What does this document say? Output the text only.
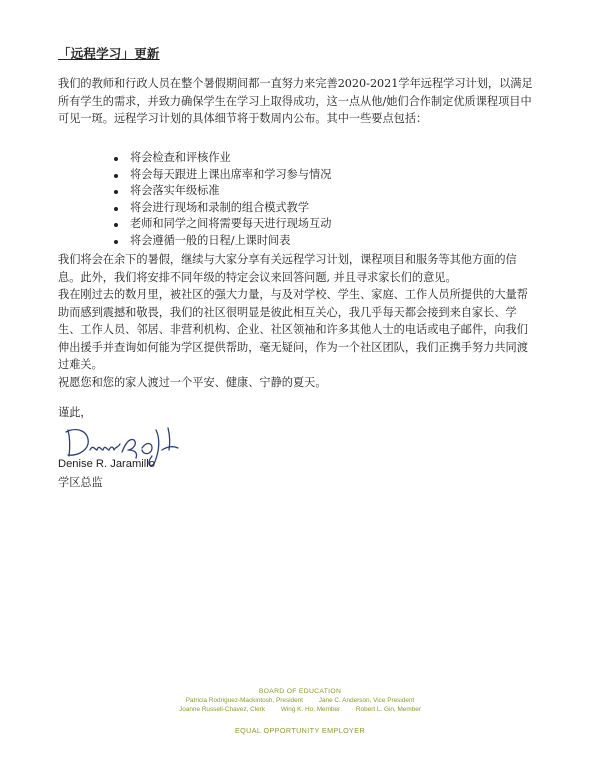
「远程学习」更新

我们的教师和行政人员在整个暑假期间都一直努力来完善2020-2021学年远程学习计划，以满足所有学生的需求，并致力确保学生在学习上取得成功，这一点从他/她们合作制定优质课程项目中可见一斑。远程学习计划的具体细节将于数周内公布。其中一些要点包括：

将会检查和评核作业
将会每天跟进上课出席率和学习参与情况
将会落实年级标准
将会进行现场和录制的组合模式教学
老师和同学之间将需要每天进行现场互动
将会遵循一般的日程/上课时间表

我们将会在余下的暑假，继续与大家分享有关远程学习计划，课程项目和服务等其他方面的信息。此外，我们将安排不同年级的特定会议来回答问题, 并且寻求家长们的意见。

我在刚过去的数月里，被社区的强大力量，与及对学校、学生、家庭、工作人员所提供的大量帮助而感到震撼和敬畏，我们的社区很明显是彼此相互关心，我几乎每天都会接到来自家长、学生、工作人员、邻居、非营利机构、企业、社区领袖和许多其他人士的电话或电子邮件，向我们伸出援手并查询如何能为学区提供帮助，毫无疑问，作为一个社区团队，我们正携手努力共同渡过难关。

祝愿您和您的家人渡过一个平安、健康、宁静的夏天。

谨此，
Denise R. Jaramillo
学区总监
BOARD OF EDUCATION
Patricia Rodriguez-Mackintosh, President Jane C. Anderson, Vice President
Joanne Russell-Chavez, Clerk Wing K. Ho, Member Robert L. Gin, Member
EQUAL OPPORTUNITY EMPLOYER
